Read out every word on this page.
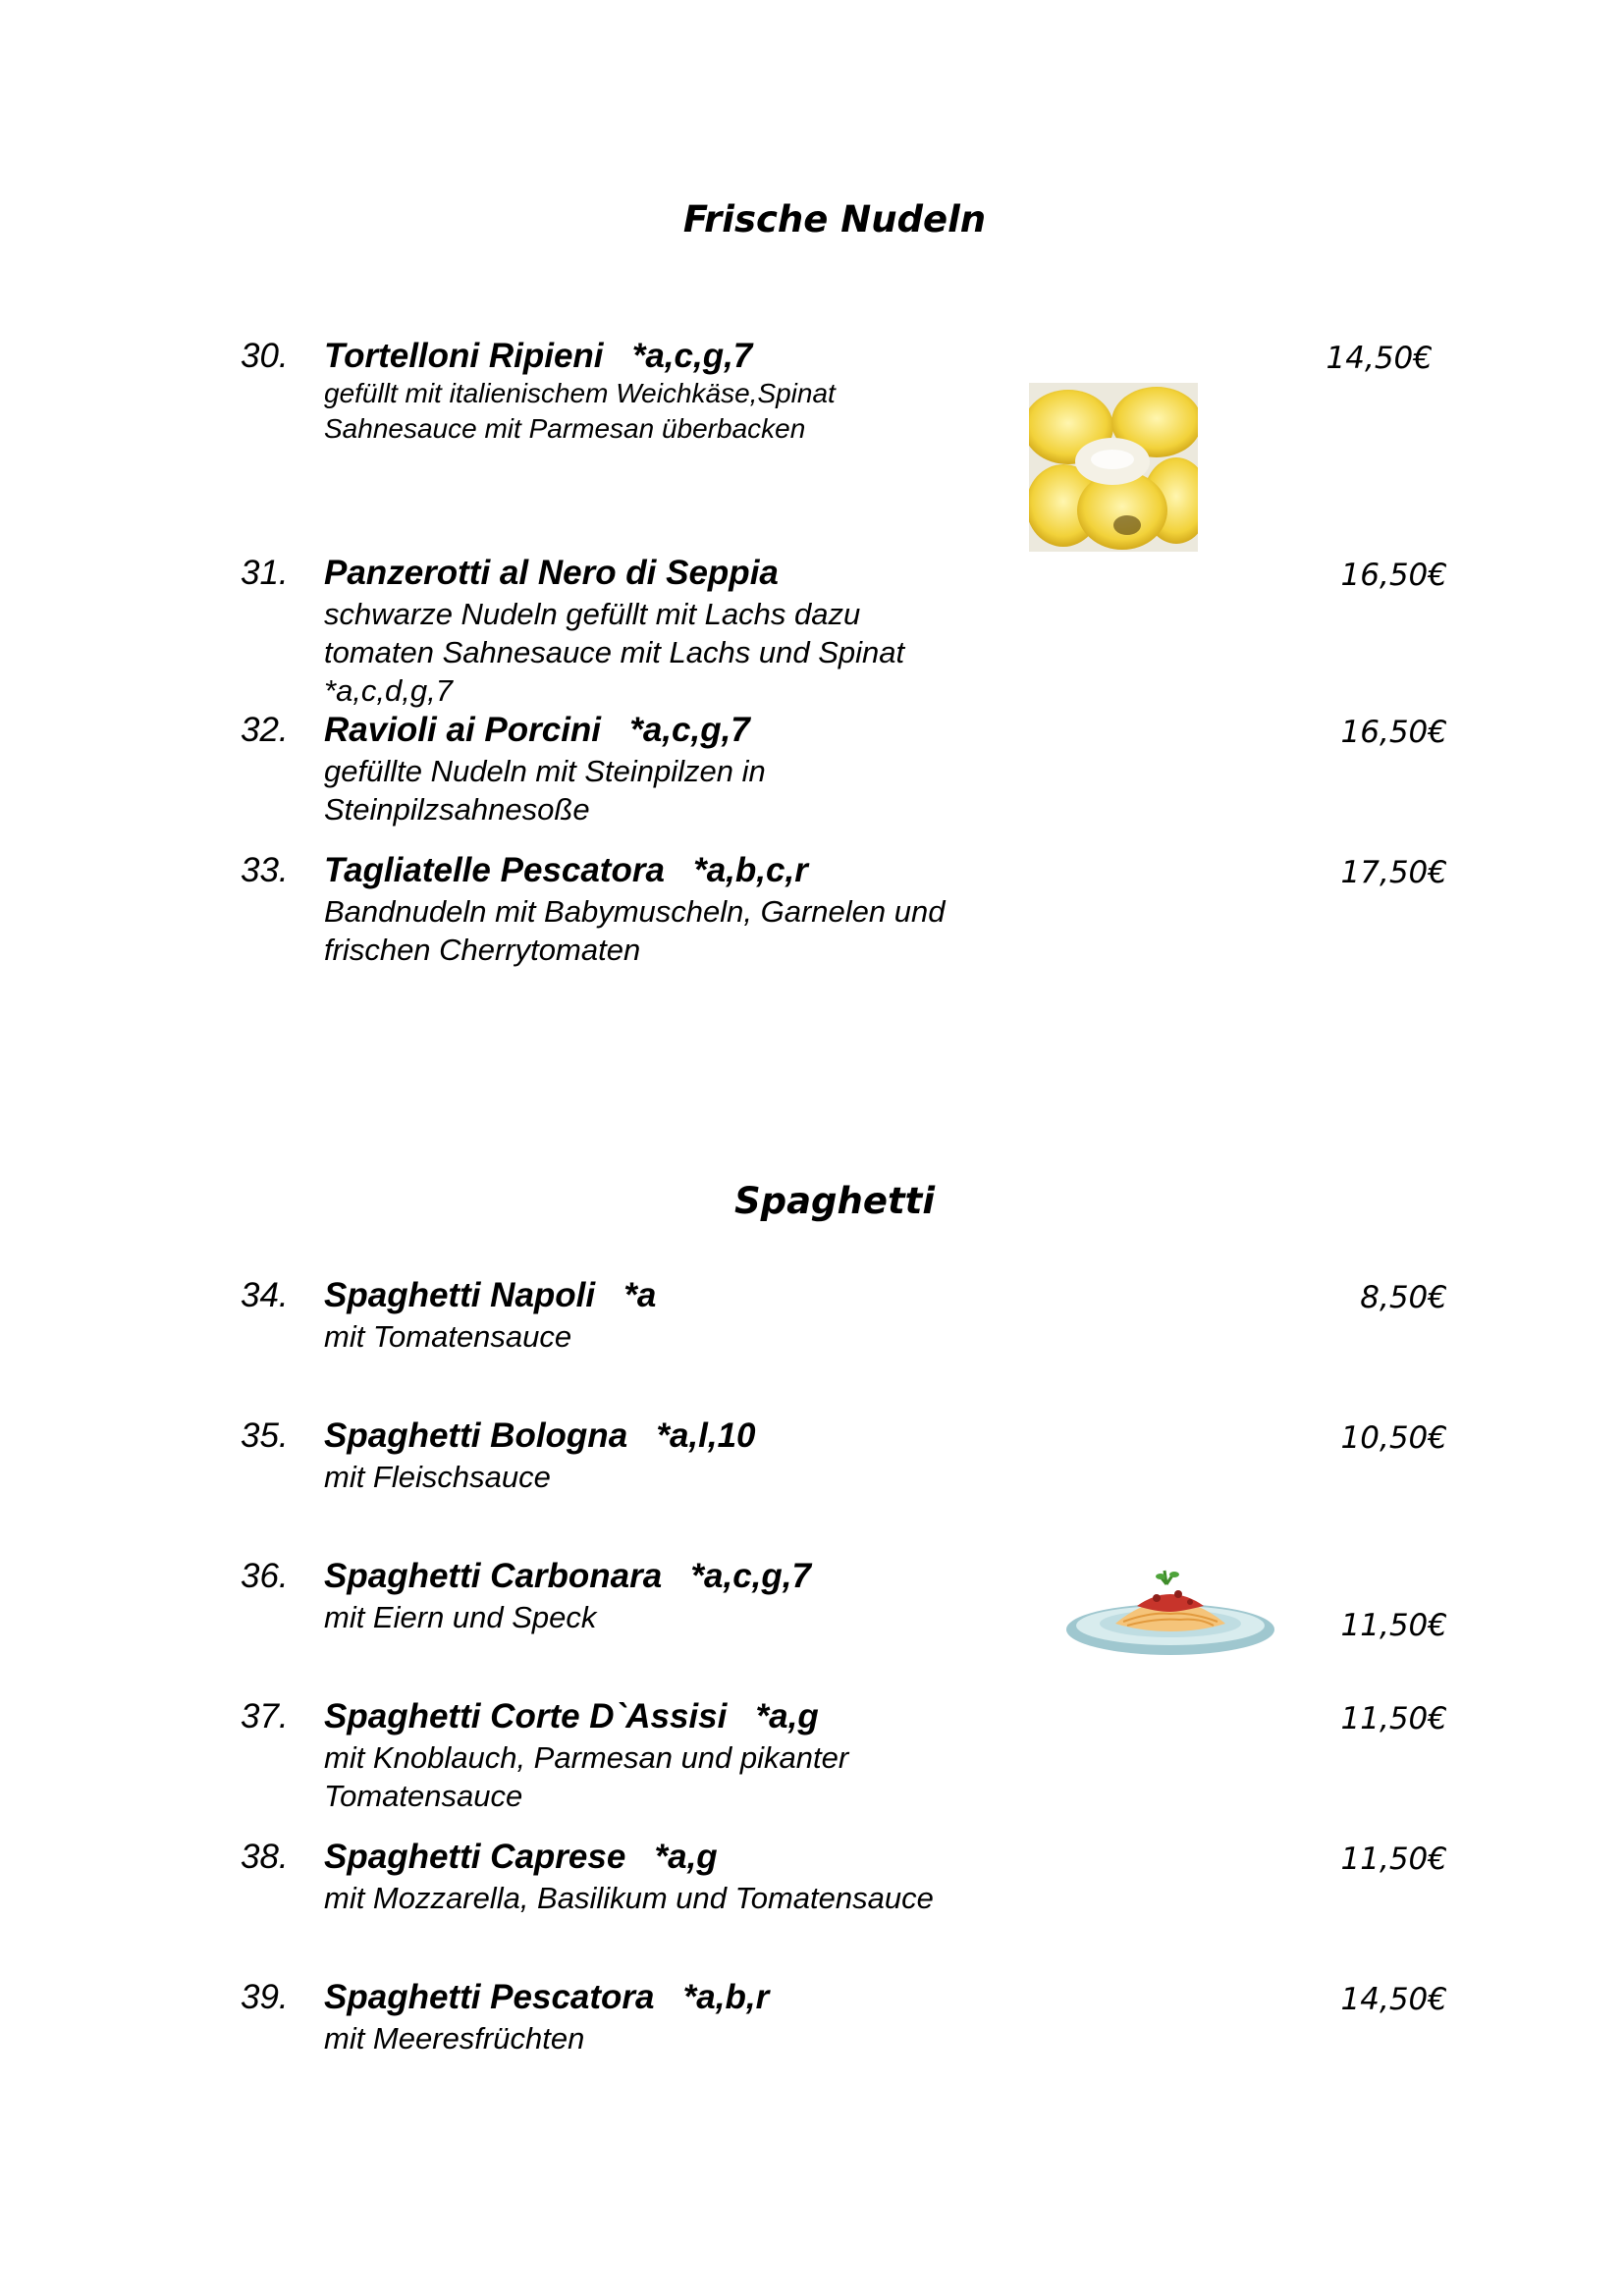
Frische Nudeln
30. Tortelloni Ripieni   *a,c,g,7
gefüllt mit italienischem Weichkäse,Spinat
Sahnesauce mit Parmesan überbacken
14,50€
31. Panzerotti al Nero di Seppia
schwarze Nudeln gefüllt mit Lachs dazu
tomaten Sahnesauce mit Lachs und Spinat
*a,c,d,g,7
16,50€
32. Ravioli ai Porcini   *a,c,g,7
gefüllte Nudeln mit Steinpilzen in
Steinpilzsahnesoße
16,50€
33. Tagliatelle Pescatora   *a,b,c,r
Bandnudeln mit Babymuscheln, Garnelen und
frischen Cherrytomaten
17,50€
Spaghetti
34. Spaghetti Napoli   *a
mit Tomatensauce
8,50€
35. Spaghetti Bologna   *a,l,10
mit Fleischsauce
10,50€
36. Spaghetti Carbonara   *a,c,g,7
mit Eiern und Speck	11,50€
37. Spaghetti Corte D`Assisi   *a,g
mit Knoblauch, Parmesan und pikanter
Tomatensauce
11,50€
38. Spaghetti Caprese   *a,g
mit Mozzarella, Basilikum und Tomatensauce
11,50€
39. Spaghetti Pescatora   *a,b,r
mit Meeresfrüchten
14,50€
